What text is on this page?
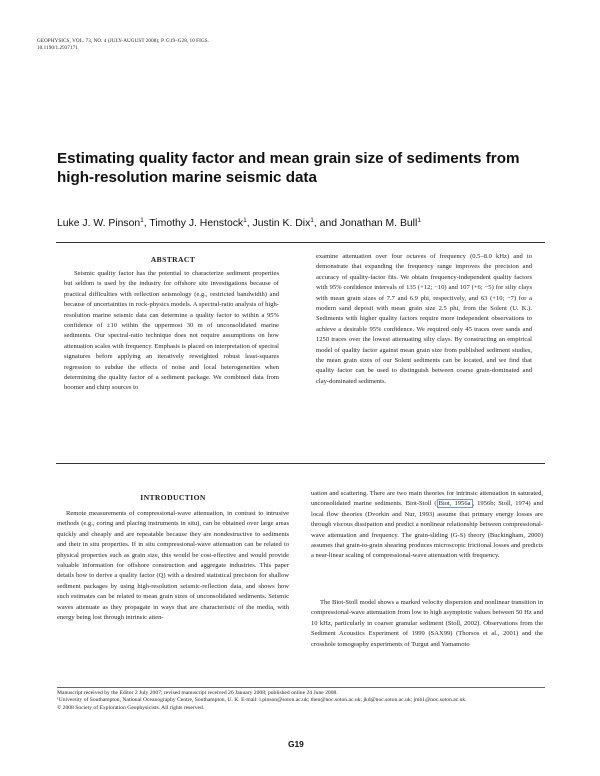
GEOPHYSICS, VOL. 73, NO. 4 (JULY-AUGUST 2008); P. G19–G28, 10 FIGS.
10.1190/1.2937171
Estimating quality factor and mean grain size of sediments from
high-resolution marine seismic data
Luke J. W. Pinson$^1$, Timothy J. Henstock$^1$, Justin K. Dix$^1$, and Jonathan M. Bull$^1$
ABSTRACT

Seismic quality factor has the potential to characterize sediment properties but seldom is used by the industry for offshore site investigations because of practical difficulties with reflection seismology (e.g., restricted bandwidth) and because of uncertainties in rock-physics models. A spectral-ratio analysis of high-resolution marine seismic data can determine a quality factor to within a 95% confidence of ±10 within the uppermost 30 m of unconsolidated marine sediments. Our spectral-ratio technique does not require assumptions on how attenuation scales with frequency. Emphasis is placed on interpretation of spectral signatures before applying an iteratively reweighted robust least-squares regression to subdue the effects of noise and local heterogeneities when determining the quality factor of a sediment package. We combined data from boomer and chirp sources to

examine attenuation over four octaves of frequency (0.5–8.0 kHz) and to demonstrate that expanding the frequency range improves the precision and accuracy of quality-factor fits. We obtain frequency-independent quality factors with 95% confidence intervals of 135 (+12; −10) and 107 (+6; −5) for silty clays with mean grain sizes of 7.7 and 6.9 phi, respectively, and 63 (+10; −7) for a modern sand deposit with mean grain size 2.5 phi, from the Solent (U. K.). Sediments with higher quality factors require more independent observations to achieve a desirable 95% confidence. We required only 45 traces over sands and 1250 traces over the lowest attenuating silty clays. By constructing an empirical model of quality factor against mean grain size from published sediment studies, the mean grain sizes of our Solent sediments can be located, and we find that quality factor can be used to distinguish between coarse grain-dominated and clay-dominated sediments.

INTRODUCTION

Remote measurements of compressional-wave attenuation, in contrast to intrusive methods (e.g., coring and placing instruments in situ), can be obtained over large areas quickly and cheaply and are repeatable because they are nondestructive to sediments and their in situ properties. If in situ compressional-wave attenuation can be related to physical properties such as grain size, this would be cost-effective and would provide valuable information for offshore construction and aggregate industries. This paper details how to derive a quality factor (Q) with a desired statistical precision for shallow sediment packages by using high-resolution seismic-reflection data, and shows how such estimates can be related to mean grain sizes of unconsolidated sediments. Seismic waves attenuate as they propagate in ways that are characteristic of the media, with energy being lost through intrinsic atten-

uation and scattering. There are two main theories for intrinsic attenuation in saturated, unconsolidated marine sediments. Biot-Stoll ( Biot, 1956a , 1956b; Stoll, 1974) and local flow theories (Dvorkin and Nur, 1993) assume that primary energy losses are through viscous dissipation and predict a nonlinear relationship between compressional-wave attenuation and frequency. The grain-sliding (G-S) theory (Buckingham, 2000) assumes that grain-to-grain shearing produces microscopic frictional losses and predicts a near-linear scaling of compressional-wave attenuation with frequency.

The Biot-Stoll model shows a marked velocity dispersion and nonlinear transition in compressional-wave attenuation from low to high asymptotic values between 50 Hz and 10 kHz, particularly in coarser granular sediment (Stoll, 2002). Observations from the Sediment Acoustics Experiment of 1999 (SAX99) (Thorsos et al., 2001) and the crosshole tomography experiments of Turgut and Yamamoto

Manuscript received by the Editor 2 July 2007; revised manuscript received 26 January 2008; published online 24 June 2008.
¹University of Southampton, National Oceanography Centre, Southampton, U. K. E-mail: l.pinson@soton.ac.uk; then@noc.soton.ac.uk; jkd@noc.soton.ac.uk; jmb1@noc.soton.ac.uk.
© 2008 Society of Exploration Geophysicists. All rights reserved.
G19
